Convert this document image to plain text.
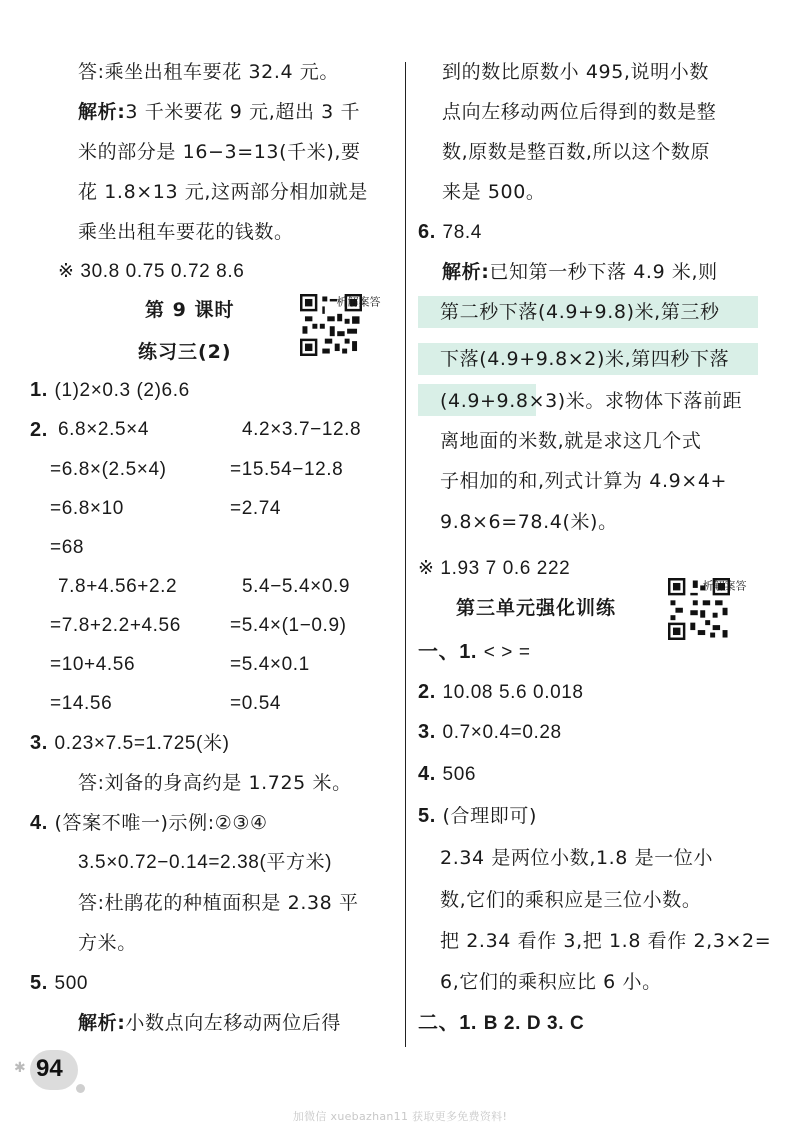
答:乘坐出租车要花 32.4 元。
解析:3 千米要花 9 元,超出 3 千
米的部分是 16−3=13(千米),要
花 1.8×13 元,这两部分相加就是
乘坐出租车要花的钱数。
※ 30.8 0.75 0.72 8.6
第 9 课时
练习三(2)
答案解析
1. (1)2×0.3 (2)6.6
2. 6.8×2.5×4	4.2×3.7−12.8
=6.8×(2.5×4)	=15.54−12.8
=6.8×10	=2.74
=68
7.8+4.56+2.2	5.4−5.4×0.9
=7.8+2.2+4.56	=5.4×(1−0.9)
=10+4.56	=5.4×0.1
=14.56	=0.54
3. 0.23×7.5=1.725(米)
答:刘备的身高约是 1.725 米。
4. (答案不唯一)示例:②③④
3.5×0.72−0.14=2.38(平方米)
答:杜鹃花的种植面积是 2.38 平
方米。
5. 500
解析:小数点向左移动两位后得
到的数比原数小 495,说明小数
点向左移动两位后得到的数是整
数,原数是整百数,所以这个数原
来是 500。
6. 78.4
解析:已知第一秒下落 4.9 米,则
第二秒下落(4.9+9.8)米,第三秒
下落(4.9+9.8×2)米,第四秒下落
(4.9+9.8×3)米。求物体下落前距
离地面的米数,就是求这几个式
子相加的和,列式计算为 4.9×4+
9.8×6=78.4(米)。
※ 1.93 7 0.6 222
第三单元强化训练
答案解析
一、1. < > =
2. 10.08 5.6 0.018
3. 0.7×0.4=0.28
4. 506
5. (合理即可)
2.34 是两位小数,1.8 是一位小
数,它们的乘积应是三位小数。
把 2.34 看作 3,把 1.8 看作 2,3×2=
6,它们的乘积应比 6 小。
二、1. B 2. D 3. C
✱ 94
加微信 xuebazhan11 获取更多免费资料!
